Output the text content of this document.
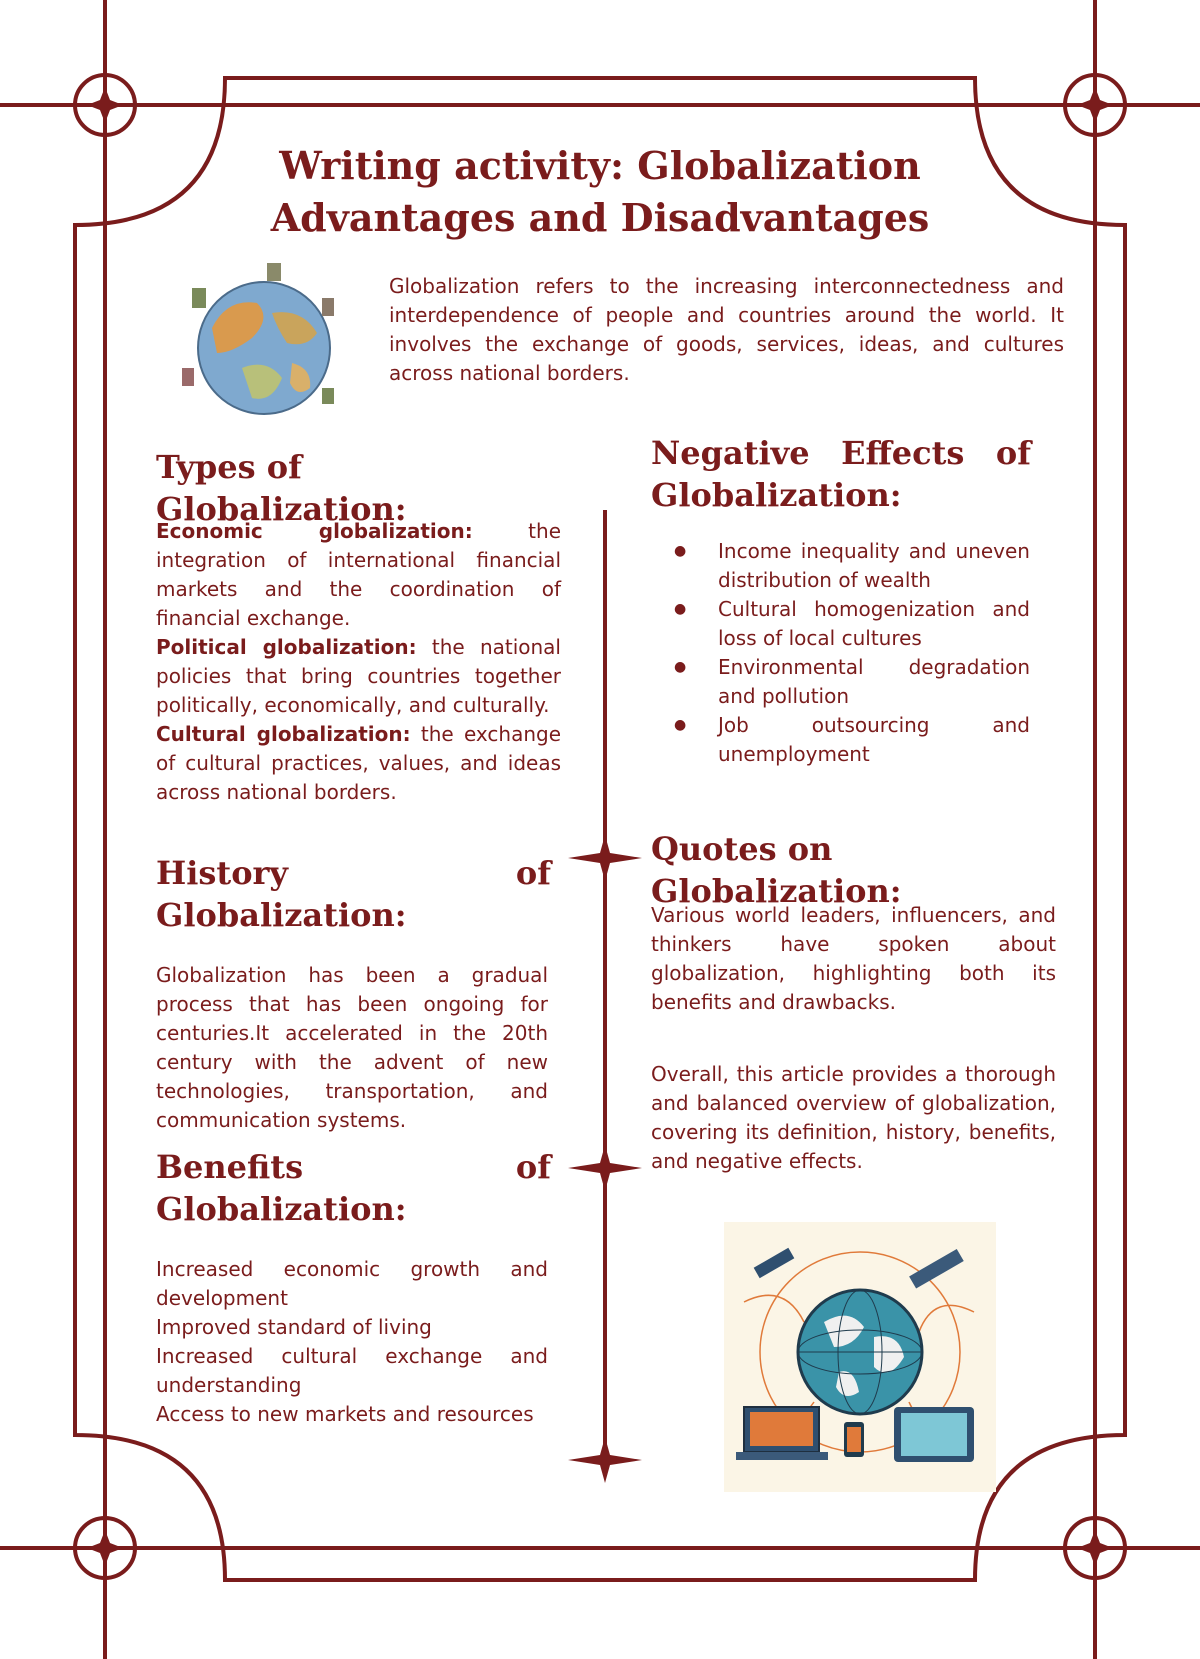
Writing activity: Globalization
Advantages and Disadvantages

Globalization refers to the increasing interconnectedness and interdependence of people and countries around the world. It involves the exchange of goods, services, ideas, and cultures across national borders.

Types of Globalization:
Economic globalization: the integration of international financial markets and the coordination of financial exchange.
Political globalization: the national policies that bring countries together politically, economically, and culturally.
Cultural globalization: the exchange of cultural practices, values, and ideas across national borders.
History of Globalization:

Globalization has been a gradual process that has been ongoing for centuries.It accelerated in the 20th century with the advent of new technologies, transportation, and communication systems.

Benefits of Globalization:
Increased economic growth and development
Improved standard of living
Increased cultural exchange and understanding
Access to new markets and resources
Negative Effects of Globalization:
● Income inequality and uneven distribution of wealth
● Cultural homogenization and loss of local cultures
● Environmental degradation and pollution
● Job outsourcing and unemployment
Quotes on Globalization:

Various world leaders, influencers, and thinkers have spoken about globalization, highlighting both its benefits and drawbacks.

Overall, this article provides a thorough and balanced overview of globalization, covering its definition, history, benefits, and negative effects.
